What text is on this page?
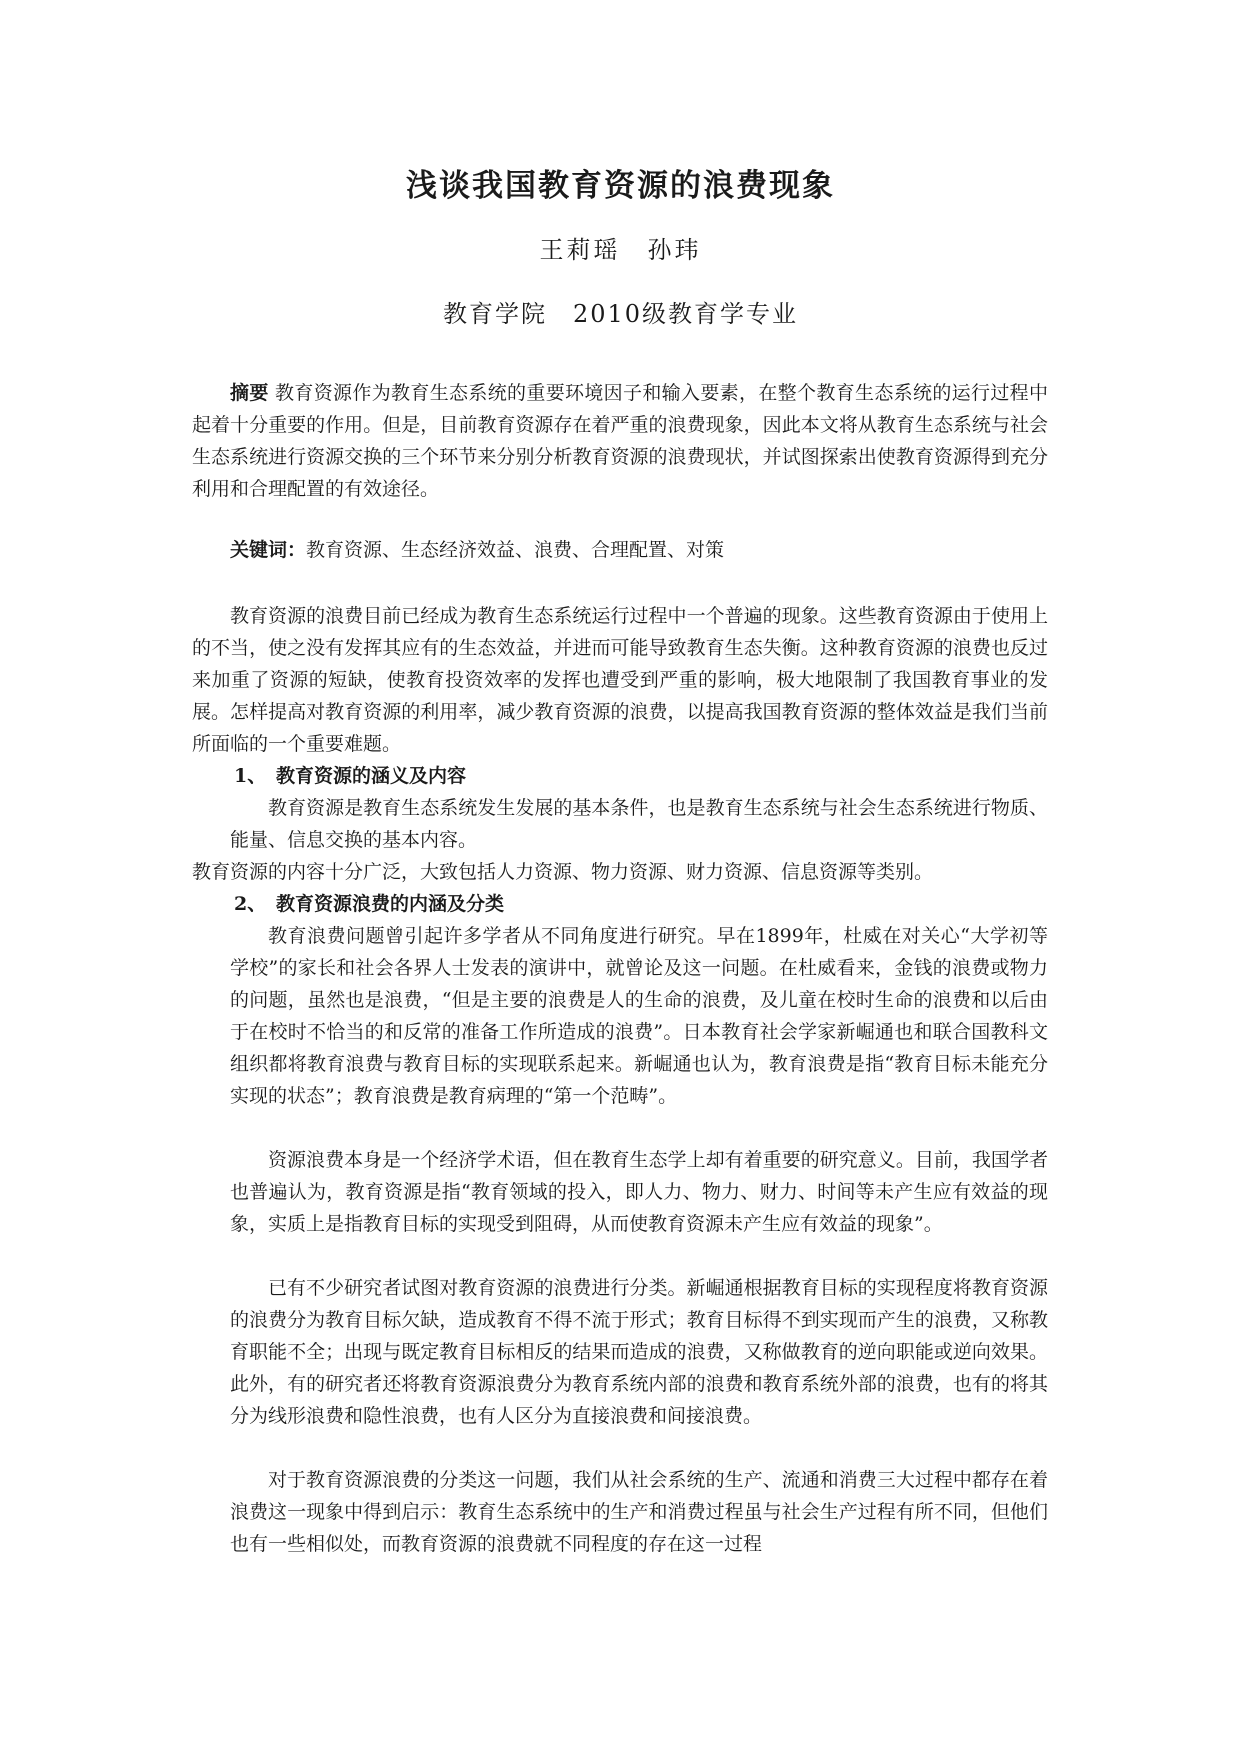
浅谈我国教育资源的浪费现象

王莉瑶　孙玮

教育学院　2010级教育学专业

摘要 教育资源作为教育生态系统的重要环境因子和输入要素，在整个教育生态系统的运行过程中起着十分重要的作用。但是，目前教育资源存在着严重的浪费现象，因此本文将从教育生态系统与社会生态系统进行资源交换的三个环节来分别分析教育资源的浪费现状，并试图探索出使教育资源得到充分利用和合理配置的有效途径。

关键词：教育资源、生态经济效益、浪费、合理配置、对策

教育资源的浪费目前已经成为教育生态系统运行过程中一个普遍的现象。这些教育资源由于使用上的不当，使之没有发挥其应有的生态效益，并进而可能导致教育生态失衡。这种教育资源的浪费也反过来加重了资源的短缺，使教育投资效率的发挥也遭受到严重的影响，极大地限制了我国教育事业的发展。怎样提高对教育资源的利用率，减少教育资源的浪费，以提高我国教育资源的整体效益是我们当前所面临的一个重要难题。

1、 教育资源的涵义及内容

教育资源是教育生态系统发生发展的基本条件，也是教育生态系统与社会生态系统进行物质、能量、信息交换的基本内容。

教育资源的内容十分广泛，大致包括人力资源、物力资源、财力资源、信息资源等类别。

2、 教育资源浪费的内涵及分类

教育浪费问题曾引起许多学者从不同角度进行研究。早在1899年，杜威在对关心“大学初等学校”的家长和社会各界人士发表的演讲中，就曾论及这一问题。在杜威看来，金钱的浪费或物力的问题，虽然也是浪费，“但是主要的浪费是人的生命的浪费，及儿童在校时生命的浪费和以后由于在校时不恰当的和反常的准备工作所造成的浪费”。日本教育社会学家新崛通也和联合国教科文组织都将教育浪费与教育目标的实现联系起来。新崛通也认为，教育浪费是指“教育目标未能充分实现的状态”；教育浪费是教育病理的“第一个范畴”。

资源浪费本身是一个经济学术语，但在教育生态学上却有着重要的研究意义。目前，我国学者也普遍认为，教育资源是指“教育领域的投入，即人力、物力、财力、时间等未产生应有效益的现象，实质上是指教育目标的实现受到阻碍，从而使教育资源未产生应有效益的现象”。

已有不少研究者试图对教育资源的浪费进行分类。新崛通根据教育目标的实现程度将教育资源的浪费分为教育目标欠缺，造成教育不得不流于形式；教育目标得不到实现而产生的浪费，又称教育职能不全；出现与既定教育目标相反的结果而造成的浪费，又称做教育的逆向职能或逆向效果。此外，有的研究者还将教育资源浪费分为教育系统内部的浪费和教育系统外部的浪费，也有的将其分为线形浪费和隐性浪费，也有人区分为直接浪费和间接浪费。

对于教育资源浪费的分类这一问题，我们从社会系统的生产、流通和消费三大过程中都存在着浪费这一现象中得到启示：教育生态系统中的生产和消费过程虽与社会生产过程有所不同，但他们也有一些相似处，而教育资源的浪费就不同程度的存在这一过程
